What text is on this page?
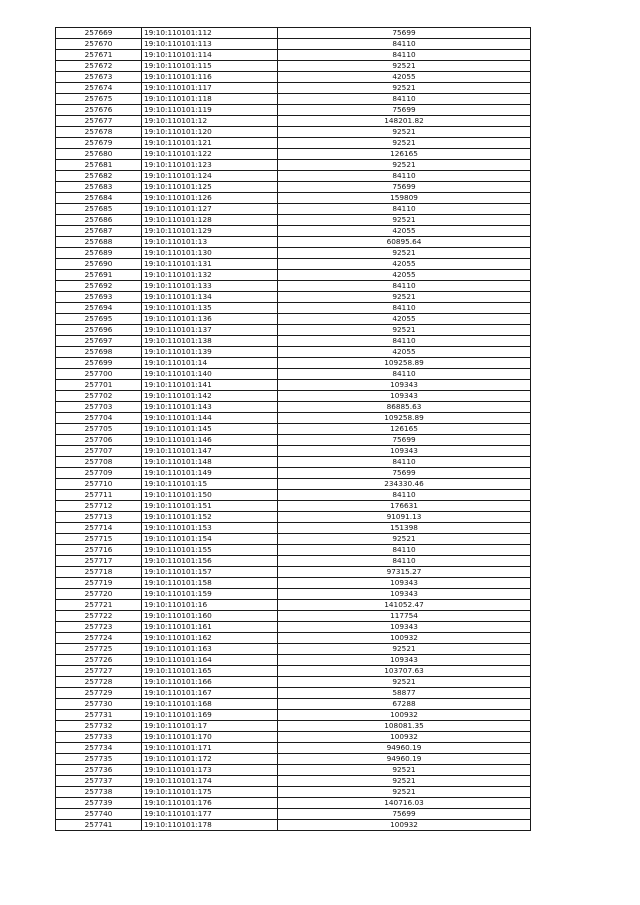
257669	19:10:110101:112	75699
257670	19:10:110101:113	84110
257671	19:10:110101:114	84110
257672	19:10:110101:115	92521
257673	19:10:110101:116	42055
257674	19:10:110101:117	92521
257675	19:10:110101:118	84110
257676	19:10:110101:119	75699
257677	19:10:110101:12	148201.82
257678	19:10:110101:120	92521
257679	19:10:110101:121	92521
257680	19:10:110101:122	126165
257681	19:10:110101:123	92521
257682	19:10:110101:124	84110
257683	19:10:110101:125	75699
257684	19:10:110101:126	159809
257685	19:10:110101:127	84110
257686	19:10:110101:128	92521
257687	19:10:110101:129	42055
257688	19:10:110101:13	60895.64
257689	19:10:110101:130	92521
257690	19:10:110101:131	42055
257691	19:10:110101:132	42055
257692	19:10:110101:133	84110
257693	19:10:110101:134	92521
257694	19:10:110101:135	84110
257695	19:10:110101:136	42055
257696	19:10:110101:137	92521
257697	19:10:110101:138	84110
257698	19:10:110101:139	42055
257699	19:10:110101:14	109258.89
257700	19:10:110101:140	84110
257701	19:10:110101:141	109343
257702	19:10:110101:142	109343
257703	19:10:110101:143	86885.63
257704	19:10:110101:144	109258.89
257705	19:10:110101:145	126165
257706	19:10:110101:146	75699
257707	19:10:110101:147	109343
257708	19:10:110101:148	84110
257709	19:10:110101:149	75699
257710	19:10:110101:15	234330.46
257711	19:10:110101:150	84110
257712	19:10:110101:151	176631
257713	19:10:110101:152	91091.13
257714	19:10:110101:153	151398
257715	19:10:110101:154	92521
257716	19:10:110101:155	84110
257717	19:10:110101:156	84110
257718	19:10:110101:157	97315.27
257719	19:10:110101:158	109343
257720	19:10:110101:159	109343
257721	19:10:110101:16	141052.47
257722	19:10:110101:160	117754
257723	19:10:110101:161	109343
257724	19:10:110101:162	100932
257725	19:10:110101:163	92521
257726	19:10:110101:164	109343
257727	19:10:110101:165	103707.63
257728	19:10:110101:166	92521
257729	19:10:110101:167	58877
257730	19:10:110101:168	67288
257731	19:10:110101:169	100932
257732	19:10:110101:17	108081.35
257733	19:10:110101:170	100932
257734	19:10:110101:171	94960.19
257735	19:10:110101:172	94960.19
257736	19:10:110101:173	92521
257737	19:10:110101:174	92521
257738	19:10:110101:175	92521
257739	19:10:110101:176	140716.03
257740	19:10:110101:177	75699
257741	19:10:110101:178	100932
